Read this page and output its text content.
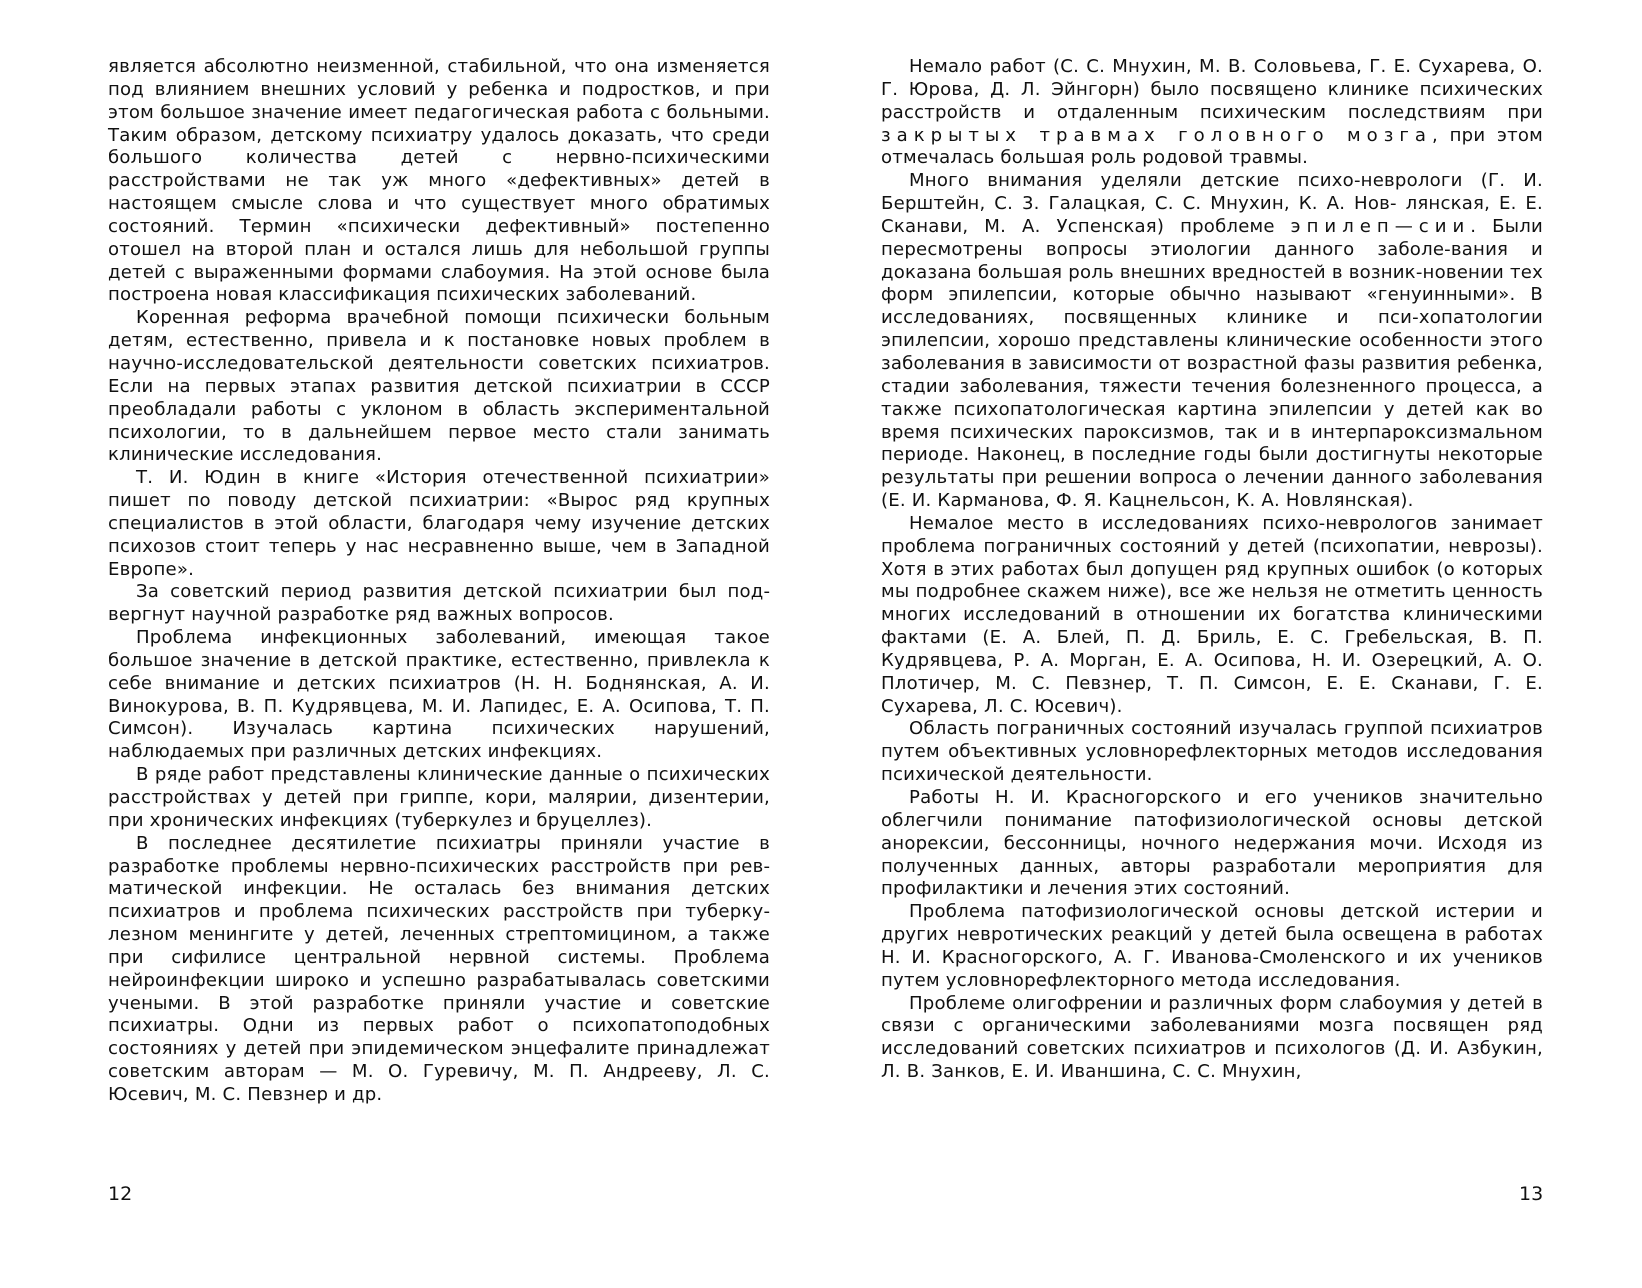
является абсолютно неизменной, стабильной, что она изменяется под влиянием внешних условий у ребенка и подростков, и при этом большое значение имеет педагогическая работа с больными. Таким образом, детскому психиатру удалось доказать, что среди большого количества детей с нервно-психическими расстройствами не так уж много «дефективных» детей в настоящем смысле слова и что существует много обратимых состояний. Термин «психически дефективный» постепенно отошел на второй план и остался лишь для небольшой группы детей с выраженными формами слабоумия. На этой основе была построена новая классификация психических заболеваний.

Коренная реформа врачебной помощи психически больным детям, естественно, привела и к постановке новых проблем в научно-исследовательской деятельности советских психиатров. Если на первых этапах развития детской психиатрии в СССР преобладали работы с уклоном в область экспериментальной психологии, то в дальнейшем первое место стали занимать клинические исследования.

Т. И. Юдин в книге «История отечественной психиатрии» пишет по поводу детской психиатрии: «Вырос ряд крупных специалистов в этой области, благодаря чему изучение детских психозов стоит теперь у нас несравненно выше, чем в Западной Европе».

За советский период развития детской психиатрии был подвергнут научной разработке ряд важных вопросов.

Проблема инфекционных заболеваний, имеющая такое большое значение в детской практике, естественно, привлекла к себе внимание и детских психиатров (Н. Н. Боднянская, А. И. Винокурова, В. П. Кудрявцева, М. И. Лапидес, Е. А. Осипова, Т. П. Симсон). Изучалась картина психических нарушений, наблюдаемых при различных детских инфекциях.

В ряде работ представлены клинические данные о психических расстройствах у детей при гриппе, кори, малярии, дизентерии, при хронических инфекциях (туберкулез и бруцеллез).

В последнее десятилетие психиатры приняли участие в разработке проблемы нервно-психических расстройств при ревматической инфекции. Не осталась без внимания детских психиатров и проблема психических расстройств при туберкулезном менингите у детей, леченных стрептомицином, а также при сифилисе центральной нервной системы. Проблема нейроинфекции широко и успешно разрабатывалась советскими учеными. В этой разработке приняли участие и советские психиатры. Одни из первых работ о психопатоподобных состояниях у детей при эпидемическом энцефалите принадлежат советским авторам — М. О. Гуревичу, М. П. Андрееву, Л. С. Юсевич, М. С. Певзнер и др.

Немало работ (С. С. Мнухин, М. В. Соловьева, Г. Е. Сухарева, О. Г. Юрова, Д. Л. Эйнгорн) было посвящено клинике психических расстройств и отдаленным психическим последствиям при закрытых травмах головного мозга, при этом отмечалась большая роль родовой травмы.

Много внимания уделяли детские психо-неврологи (Г. И. Берштейн, С. 3. Галацкая, С. С. Мнухин, К. А. Нов- лянская, Е. Е. Сканави, М. А. Успенская) проблеме эпилеп—сии. Были пересмотрены вопросы этиологии данного заболе-вания и доказана большая роль внешних вредностей в возник-новении тех форм эпилепсии, которые обычно называют «генуинными». В исследованиях, посвященных клинике и пси-хопатологии эпилепсии, хорошо представлены клинические особенности этого заболевания в зависимости от возрастной фазы развития ребенка, стадии заболевания, тяжести течения болезненного процесса, а также психопатологическая картина эпилепсии у детей как во время психических пароксизмов, так и в интерпароксизмальном периоде. Наконец, в последние годы были достигнуты некоторые результаты при решении вопроса о лечении данного заболевания (Е. И. Карманова, Ф. Я. Кацнельсон, К. А. Новлянская).

Немалое место в исследованиях психо-неврологов занимает проблема пограничных состояний у детей (психопатии, неврозы). Хотя в этих работах был допущен ряд крупных ошибок (о которых мы подробнее скажем ниже), все же нельзя не отметить ценность многих исследований в отношении их богатства клиническими фактами (Е. А. Блей, П. Д. Бриль, Е. С. Гребельская, В. П. Кудрявцева, Р. А. Морган, Е. А. Осипова, Н. И. Озерецкий, А. О. Плотичер, М. С. Певзнер, Т. П. Симсон, Е. Е. Сканави, Г. Е. Сухарева, Л. С. Юсевич).

Область пограничных состояний изучалась группой психиатров путем объективных условнорефлекторных методов исследования психической деятельности.

Работы Н. И. Красногорского и его учеников значительно облегчили понимание патофизиологической основы детской анорексии, бессонницы, ночного недержания мочи. Исходя из полученных данных, авторы разработали мероприятия для профилактики и лечения этих состояний.

Проблема патофизиологической основы детской истерии и других невротических реакций у детей была освещена в работах Н. И. Красногорского, А. Г. Иванова-Смоленского и их учеников путем условнорефлекторного метода исследования.

Проблеме олигофрении и различных форм слабоумия у детей в связи с органическими заболеваниями мозга посвящен ряд исследований советских психиатров и психологов (Д. И. Азбукин, Л. В. Занков, Е. И. Иваншина, С. С. Мнухин,

12	13
